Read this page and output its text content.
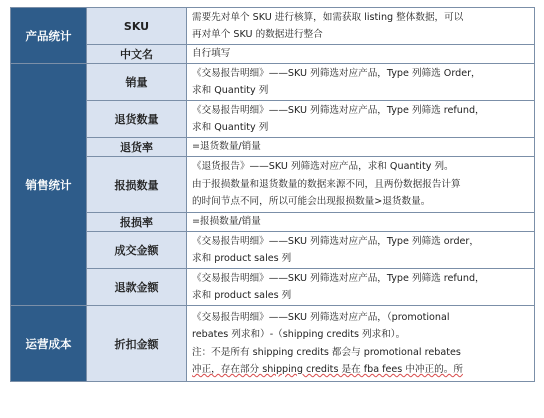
产品统计	SKU	需要先对单个 SKU 进行核算，如需获取 listing 整体数据，可以
再对单个 SKU 的数据进行整合

	中文名	自行填写

销售统计	销量	《交易报告明细》——SKU 列筛选对应产品，Type 列筛选 Order，
求和 Quantity 列

	退货数量	《交易报告明细》——SKU 列筛选对应产品，Type 列筛选 refund，
求和 Quantity 列

	退货率	=退货数量/销量

	报损数量	《退货报告》——SKU 列筛选对应产品，求和 Quantity 列。
由于报损数量和退货数量的数据来源不同，且两份数据报告计算
的时间节点不同，所以可能会出现报损数量>退货数量。

	报损率	=报损数量/销量

	成交金额	《交易报告明细》——SKU 列筛选对应产品，Type 列筛选 order，
求和 product sales 列

	退款金额	《交易报告明细》——SKU 列筛选对应产品，Type 列筛选 refund，
求和 product sales 列

运营成本	折扣金额	《交易报告明细》——SKU 列筛选对应产品，（promotional
rebates 列求和）-（shipping credits 列求和）。
注：不是所有 shipping credits 都会与 promotional rebates
冲正，存在部分 shipping credits 是在 fba fees 中冲正的。所
